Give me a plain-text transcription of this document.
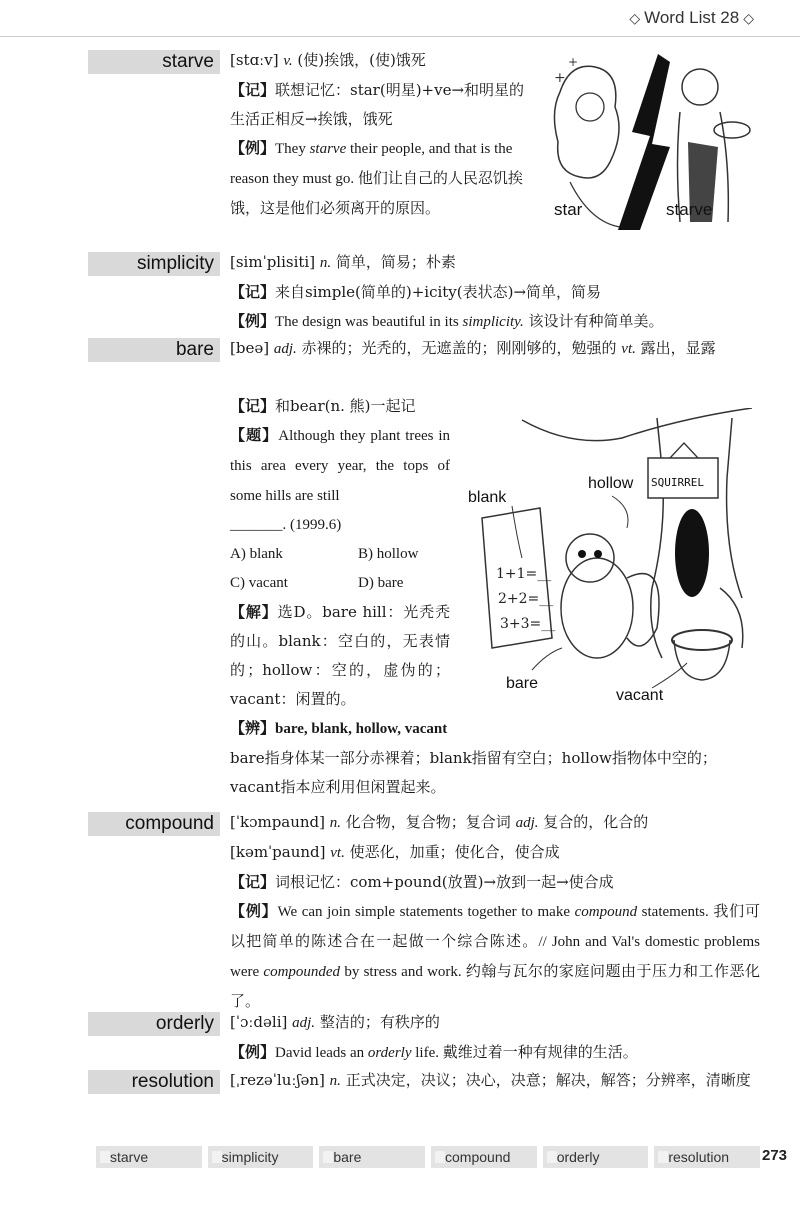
◇ Word List 28 ◇
starve	[stɑːv] v. (使)挨饿，(使)饿死
【记】联想记忆：star(明星)+ve→和明星的生活正相反→挨饿，饿死
【例】They starve their people, and that is the reason they must go. 他们让自己的人民忍饥挨饿，这是他们必须离开的原因。
+
+
star	starve
simplicity	[simˈplisiti] n. 简单，简易；朴素
【记】来自simple(简单的)+icity(表状态)→简单，简易
【例】The design was beautiful in its simplicity. 该设计有种简单美。
bare	[beə] adj. 赤裸的；光秃的，无遮盖的；刚刚够的，勉强的 vt. 露出，显露
【记】和bear(n. 熊)一起记
【题】Although they plant trees in this area every year, the tops of some hills are still
_______. (1999.6)
A) blank	B) hollow
C) vacant	D) bare
【解】选D。bare hill：光秃秃的山。blank：空白的，无表情的；hollow：空的，虚伪的；vacant：闲置的。
SQUIRREL
1+1=__
2+2=__
3+3=__
blank
hollow
bare
vacant
【辨】bare, blank, hollow, vacant
bare指身体某一部分赤裸着；blank指留有空白；hollow指物体中空的；vacant指本应利用但闲置起来。
compound	[ˈkɔmpaund] n. 化合物，复合物；复合词 adj. 复合的，化合的
[kəmˈpaund] vt. 使恶化，加重；使化合，使合成
【记】词根记忆：com+pound(放置)→放到一起→使合成
【例】We can join simple statements together to make compound statements. 我们可以把简单的陈述合在一起做一个综合陈述。// John and Val's domestic problems were compounded by stress and work. 约翰与瓦尔的家庭问题由于压力和工作恶化了。
orderly	[ˈɔːdəli] adj. 整洁的；有秩序的
【例】David leads an orderly life. 戴维过着一种有规律的生活。
resolution	[ˌrezəˈluːʃən] n. 正式决定，决议；决心，决意；解决，解答；分辨率，清晰度
starve	simplicity	bare	compound	orderly	resolution	273
